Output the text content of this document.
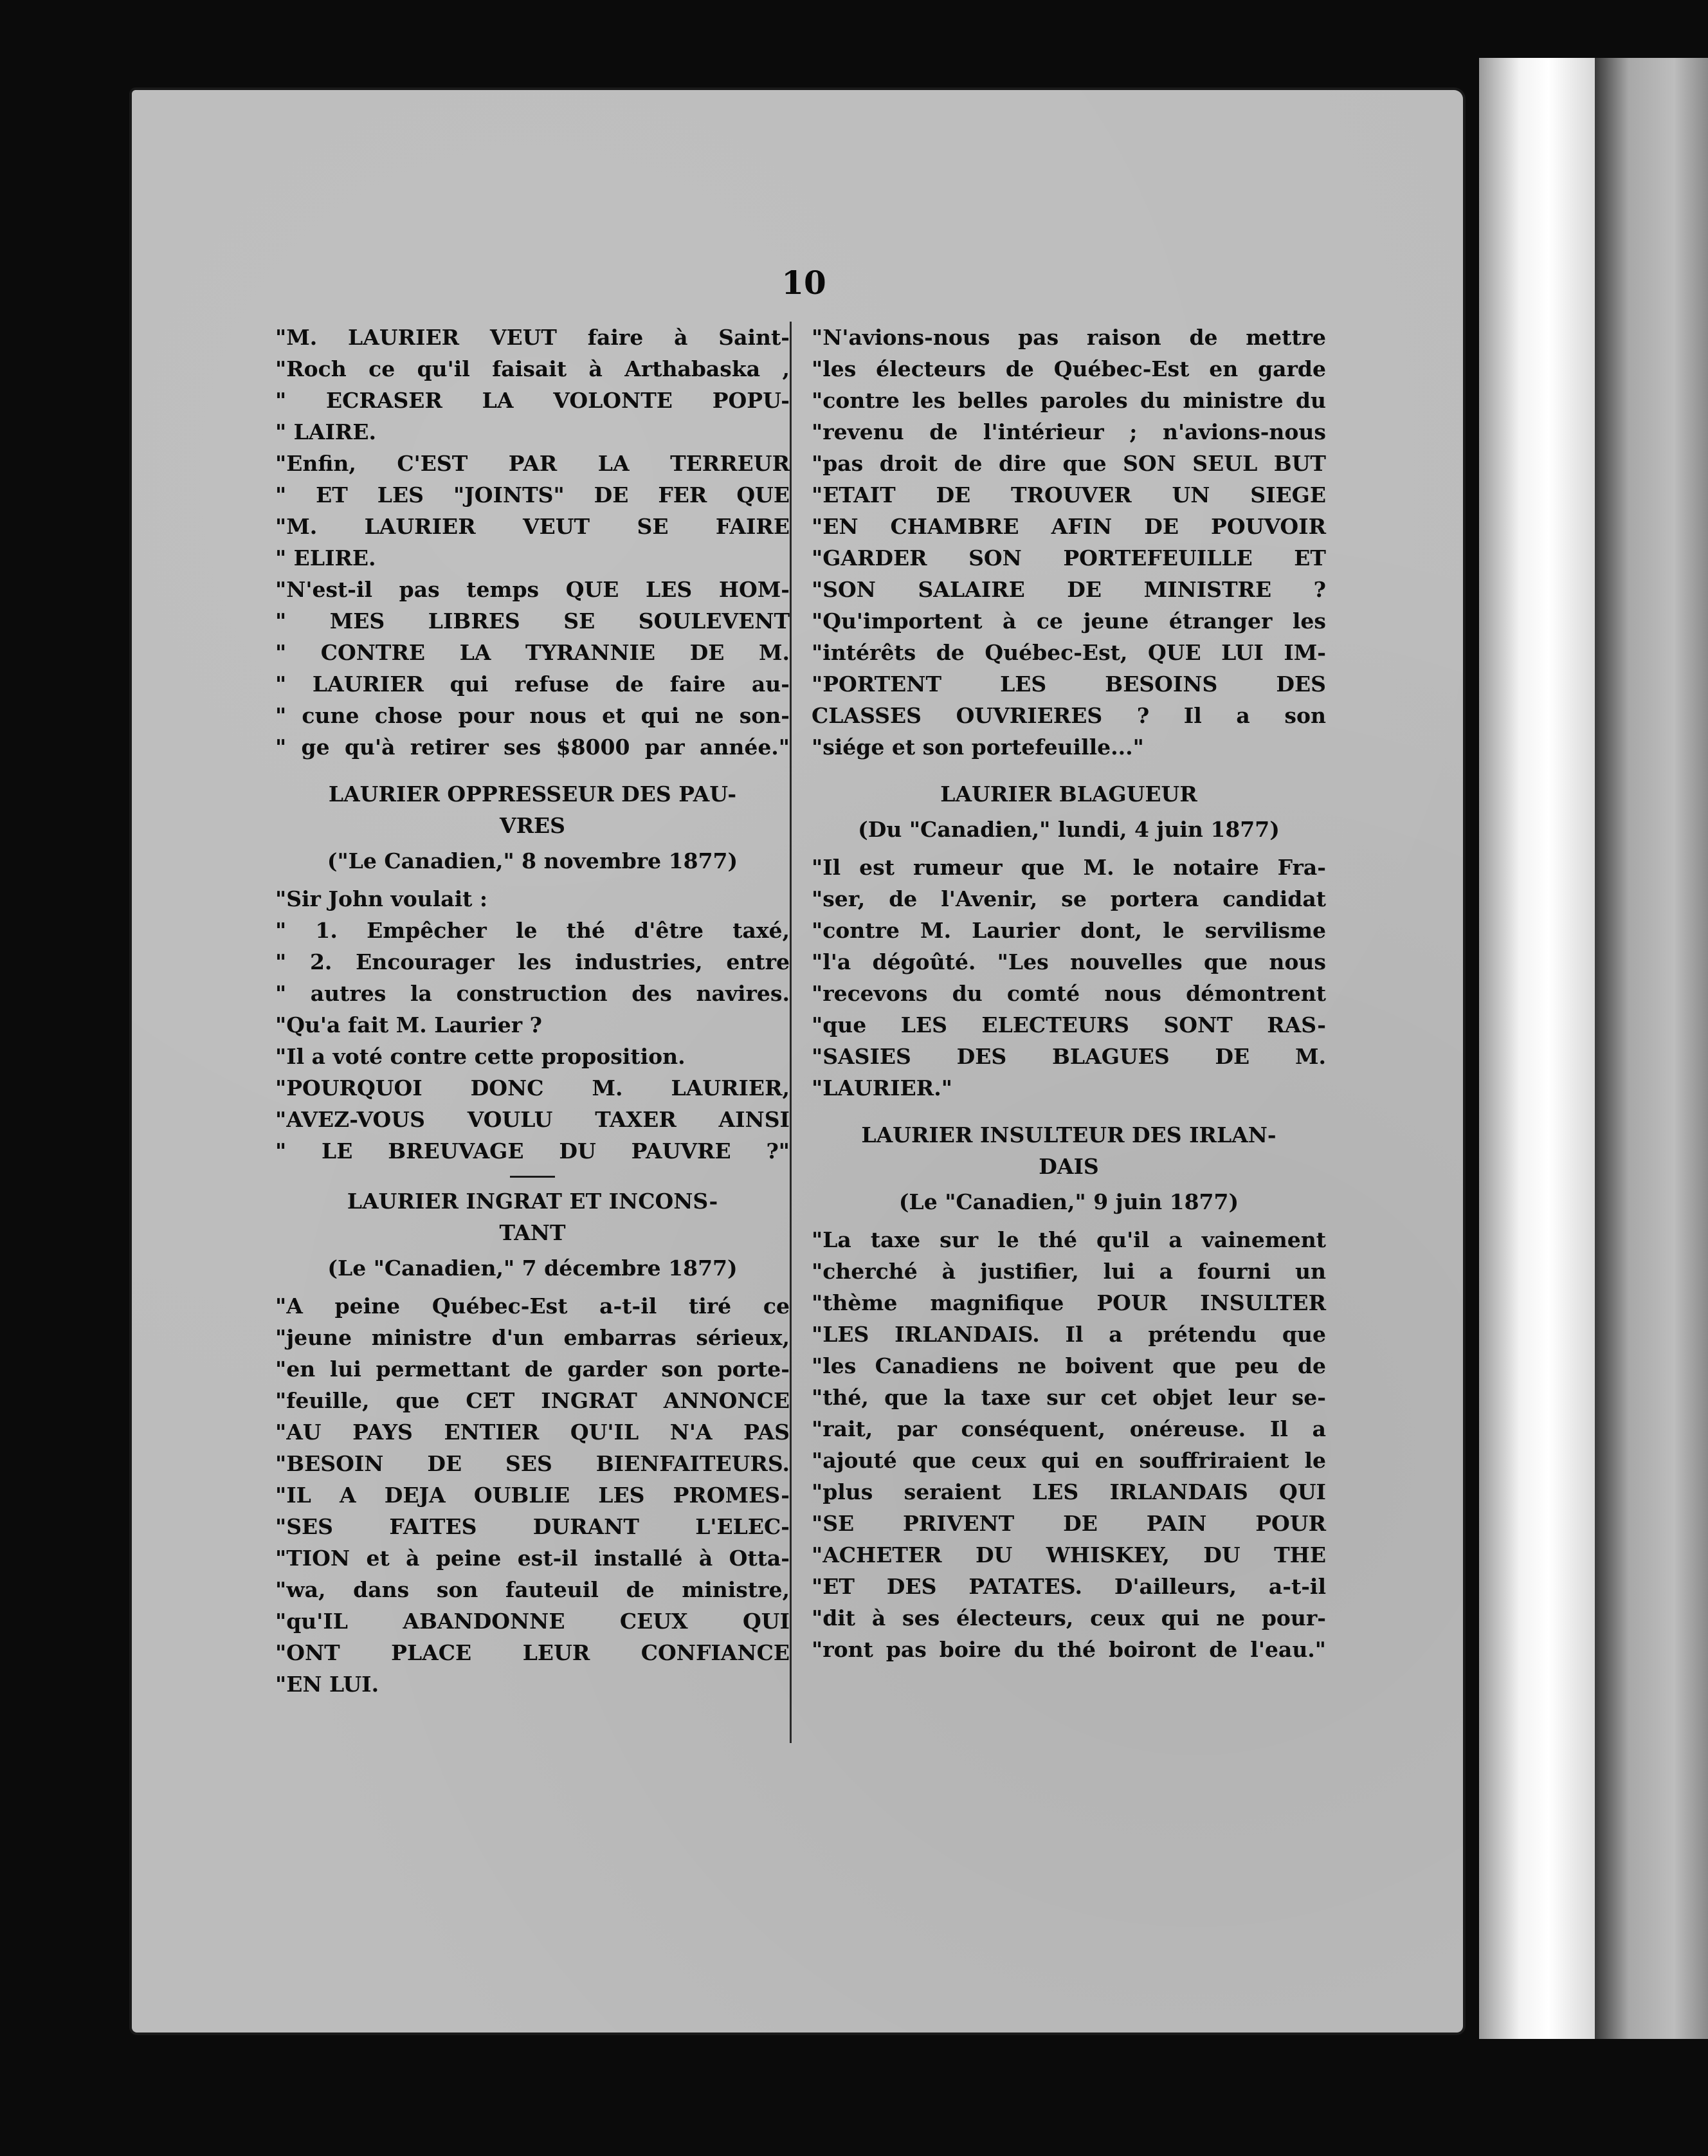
10
"M. LAURIER VEUT faire à Saint-
"Roch ce qu'il faisait à Arthabaska ,
" ECRASER LA VOLONTE POPU-
" LAIRE.
"Enfin, C'EST PAR LA TERREUR
" ET LES "JOINTS" DE FER QUE
"M. LAURIER VEUT SE FAIRE
" ELIRE.
"N'est-il pas temps QUE LES HOM-
" MES LIBRES SE SOULEVENT
" CONTRE LA TYRANNIE DE M.
" LAURIER qui refuse de faire au-
" cune chose pour nous et qui ne son-
" ge qu'à retirer ses $8000 par année."
LAURIER OPPRESSEUR DES PAU-
VRES
("Le Canadien," 8 novembre 1877)
"Sir John voulait :
" 1. Empêcher le thé d'être taxé,
" 2. Encourager les industries, entre
" autres la construction des navires.
"Qu'a fait M. Laurier ?
"Il a voté contre cette proposition.
"POURQUOI DONC M. LAURIER,
"AVEZ-VOUS VOULU TAXER AINSI
" LE BREUVAGE DU PAUVRE ?"
LAURIER INGRAT ET INCONS-
TANT
(Le "Canadien," 7 décembre 1877)
"A peine Québec-Est a-t-il tiré ce
"jeune ministre d'un embarras sérieux,
"en lui permettant de garder son porte-
"feuille, que CET INGRAT ANNONCE
"AU PAYS ENTIER QU'IL N'A PAS
"BESOIN DE SES BIENFAITEURS.
"IL A DEJA OUBLIE LES PROMES-
"SES FAITES DURANT L'ELEC-
"TION et à peine est-il installé à Otta-
"wa, dans son fauteuil de ministre,
"qu'IL ABANDONNE CEUX QUI
"ONT PLACE LEUR CONFIANCE
"EN LUI.
"N'avions-nous pas raison de mettre
"les électeurs de Québec-Est en garde
"contre les belles paroles du ministre du
"revenu de l'intérieur ; n'avions-nous
"pas droit de dire que SON SEUL BUT
"ETAIT DE TROUVER UN SIEGE
"EN CHAMBRE AFIN DE POUVOIR
"GARDER SON PORTEFEUILLE ET
"SON SALAIRE DE MINISTRE ?
"Qu'importent à ce jeune étranger les
"intérêts de Québec-Est, QUE LUI IM-
"PORTENT LES BESOINS DES
CLASSES OUVRIERES ? Il a son
"siége et son portefeuille..."
LAURIER BLAGUEUR
(Du "Canadien," lundi, 4 juin 1877)
"Il est rumeur que M. le notaire Fra-
"ser, de l'Avenir, se portera candidat
"contre M. Laurier dont, le servilisme
"l'a dégoûté. "Les nouvelles que nous
"recevons du comté nous démontrent
"que LES ELECTEURS SONT RAS-
"SASIES DES BLAGUES DE M.
"LAURIER."
LAURIER INSULTEUR DES IRLAN-
DAIS
(Le "Canadien," 9 juin 1877)
"La taxe sur le thé qu'il a vainement
"cherché à justifier, lui a fourni un
"thème magnifique POUR INSULTER
"LES IRLANDAIS. Il a prétendu que
"les Canadiens ne boivent que peu de
"thé, que la taxe sur cet objet leur se-
"rait, par conséquent, onéreuse. Il a
"ajouté que ceux qui en souffriraient le
"plus seraient LES IRLANDAIS QUI
"SE PRIVENT DE PAIN POUR
"ACHETER DU WHISKEY, DU THE
"ET DES PATATES. D'ailleurs, a-t-il
"dit à ses électeurs, ceux qui ne pour-
"ront pas boire du thé boiront de l'eau."
